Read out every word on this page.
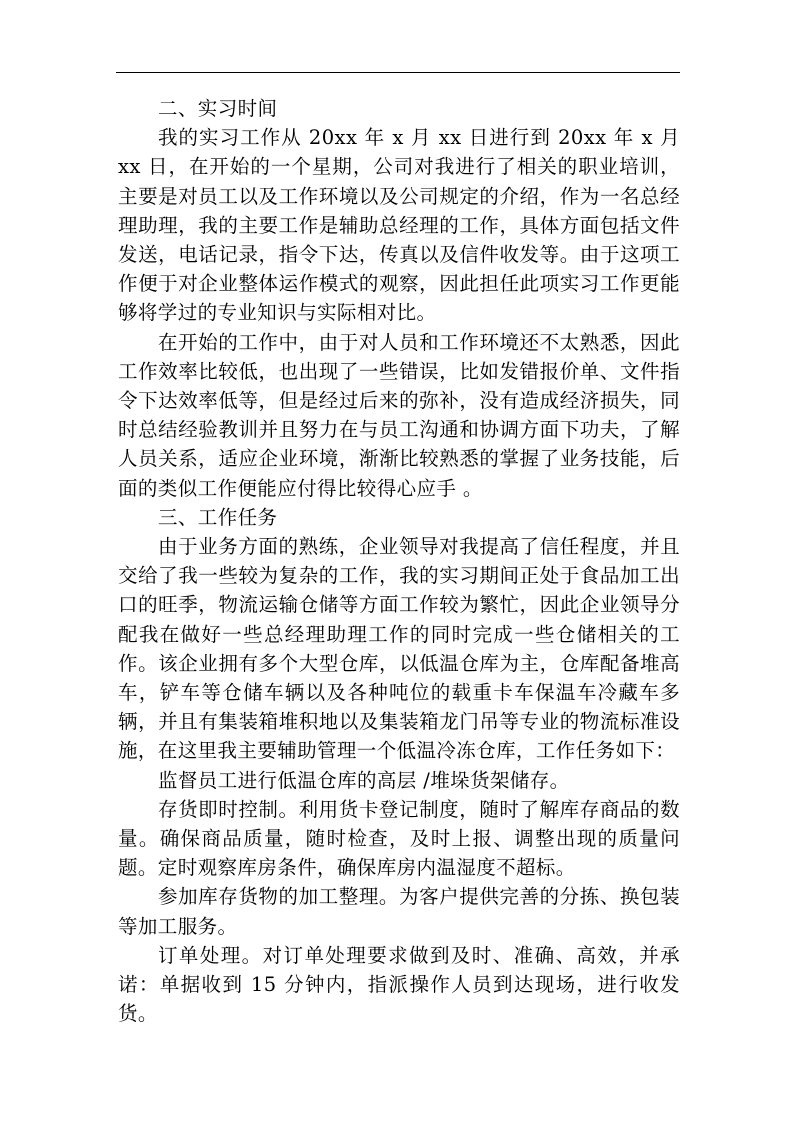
二、实习时间

我的实习工作从 20xx 年 x 月 xx 日进行到 20xx 年 x 月 xx 日，在开始的一个星期，公司对我进行了相关的职业培训，主要是对员工以及工作环境以及公司规定的介绍，作为一名总经理助理，我的主要工作是辅助总经理的工作，具体方面包括文件发送，电话记录，指令下达，传真以及信件收发等。由于这项工作便于对企业整体运作模式的观察，因此担任此项实习工作更能够将学过的专业知识与实际相对比。

在开始的工作中，由于对人员和工作环境还不太熟悉，因此工作效率比较低，也出现了一些错误，比如发错报价单、文件指令下达效率低等，但是经过后来的弥补，没有造成经济损失，同时总结经验教训并且努力在与员工沟通和协调方面下功夫，了解人员关系，适应企业环境，渐渐比较熟悉的掌握了业务技能，后面的类似工作便能应付得比较得心应手 。

三、工作任务

由于业务方面的熟练，企业领导对我提高了信任程度，并且交给了我一些较为复杂的工作，我的实习期间正处于食品加工出口的旺季，物流运输仓储等方面工作较为繁忙，因此企业领导分配我在做好一些总经理助理工作的同时完成一些仓储相关的工作。该企业拥有多个大型仓库，以低温仓库为主，仓库配备堆高车，铲车等仓储车辆以及各种吨位的载重卡车保温车冷藏车多辆，并且有集装箱堆积地以及集装箱龙门吊等专业的物流标准设施，在这里我主要辅助管理一个低温冷冻仓库，工作任务如下：

监督员工进行低温仓库的高层 /堆垛货架储存。

存货即时控制。利用货卡登记制度，随时了解库存商品的数量。确保商品质量，随时检查，及时上报、调整出现的质量问题。定时观察库房条件，确保库房内温湿度不超标。

参加库存货物的加工整理。为客户提供完善的分拣、换包装等加工服务。

订单处理。对订单处理要求做到及时、准确、高效，并承诺：单据收到 15 分钟内，指派操作人员到达现场，进行收发货。
